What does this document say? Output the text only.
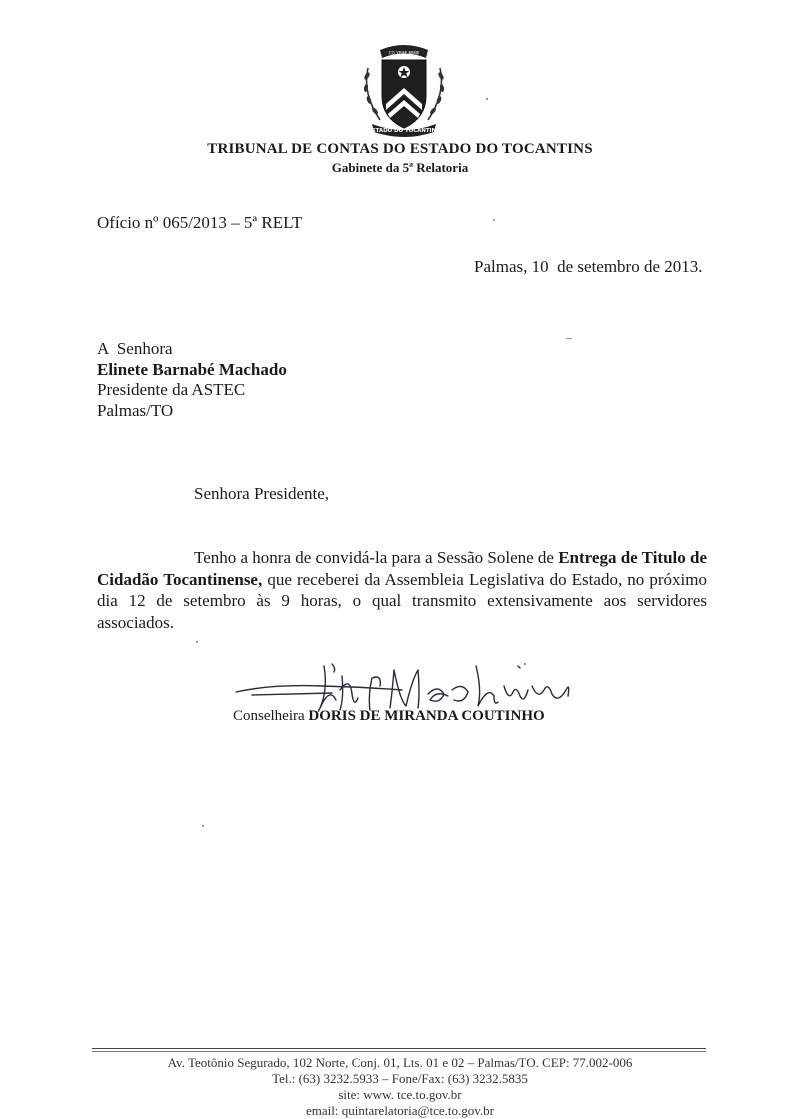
CO YEHE MMIII
ESTADO DO TOCANTINS
TRIBUNAL DE CONTAS DO ESTADO DO TOCANTINS
Gabinete da 5ª Relatoria
Ofício nº 065/2013 – 5ª RELT
Palmas, 10  de setembro de 2013.
A  Senhora
Elinete Barnabé Machado
Presidente da ASTEC
Palmas/TO
Senhora Presidente,
Tenho a honra de convidá-la para a Sessão Solene de Entrega de Titulo de Cidadão Tocantinense, que receberei da Assembleia Legislativa do Estado, no próximo dia 12 de setembro às 9 horas, o qual transmito extensivamente aos servidores associados.
Conselheira DORIS DE MIRANDA COUTINHO
Av. Teotônio Segurado, 102 Norte, Conj. 01, Lts. 01 e 02 – Palmas/TO. CEP: 77.002-006
Tel.: (63) 3232.5933 – Fone/Fax: (63) 3232.5835
site: www. tce.to.gov.br
email: quintarelatoria@tce.to.gov.br
